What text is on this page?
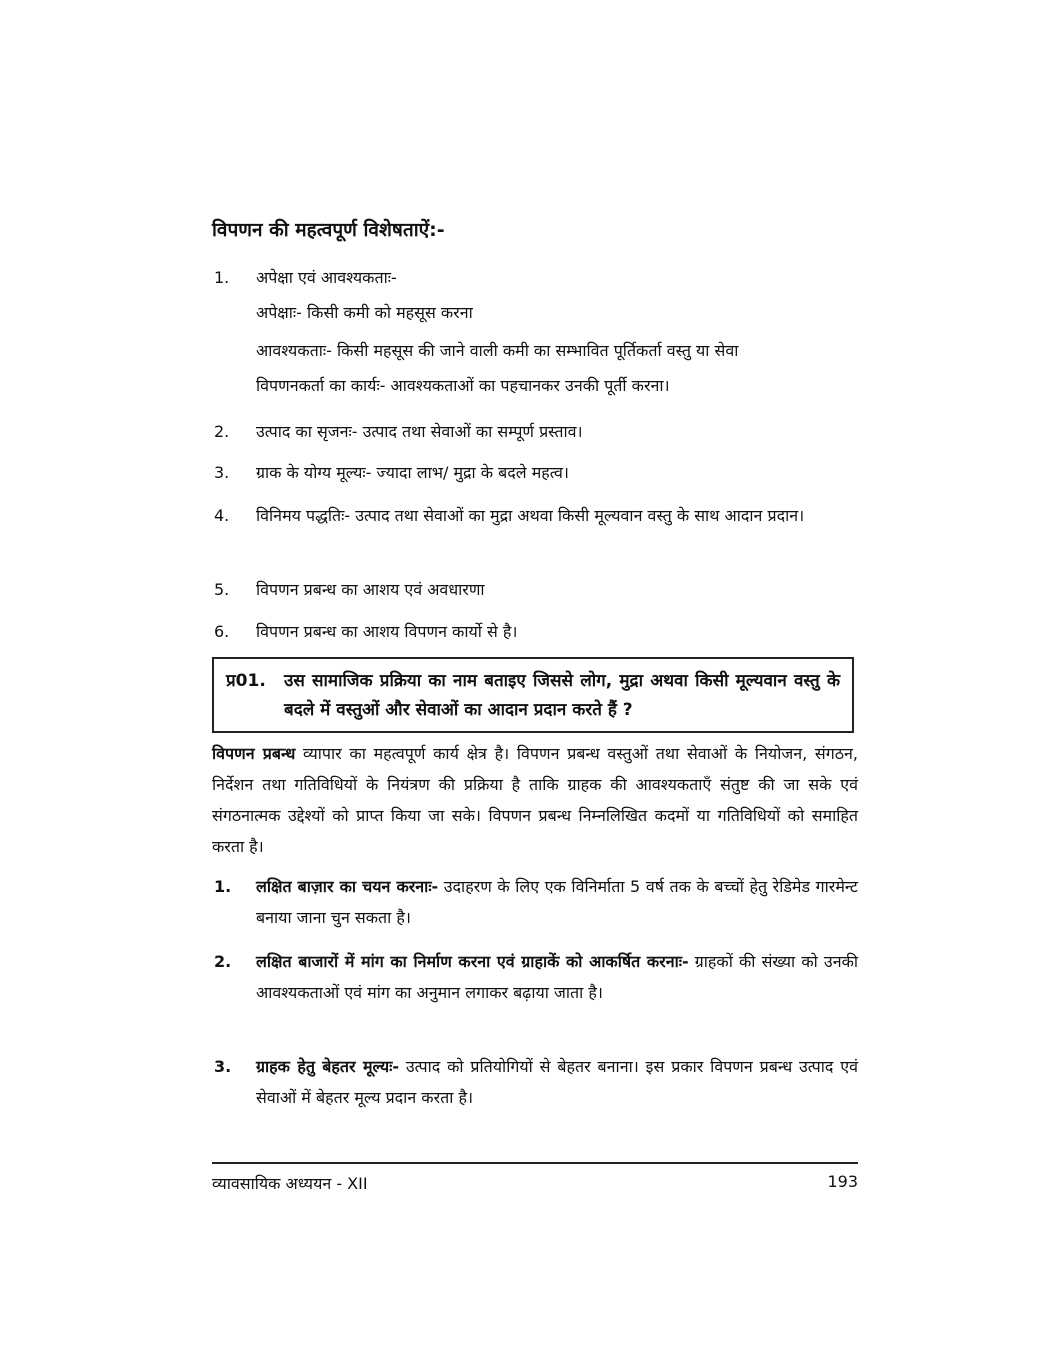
विपणन की महत्वपूर्ण विशेषताऐं:-
1.	अपेक्षा एवं आवश्यकताः-
अपेक्षाः- किसी कमी को महसूस करना
आवश्यकताः- किसी महसूस की जाने वाली कमी का सम्भावित पूर्तिकर्ता वस्तु या सेवा
विपणनकर्ता का कार्यः- आवश्यकताओं का पहचानकर उनकी पूर्ती करना।
2.	उत्पाद का सृजनः- उत्पाद तथा सेवाओं का सम्पूर्ण प्रस्ताव।
3.	ग्राक के योग्य मूल्यः- ज्यादा लाभ/ मुद्रा के बदले महत्व।
4.	विनिमय पद्धतिः- उत्पाद तथा सेवाओं का मुद्रा अथवा किसी मूल्यवान वस्तु के साथ आदान प्रदान।
5.	विपणन प्रबन्ध का आशय एवं अवधारणा
6.	विपणन प्रबन्ध का आशय विपणन कार्यो से है।
प्र01. उस सामाजिक प्रक्रिया का नाम बताइए जिससे लोग, मुद्रा अथवा किसी मूल्यवान वस्तु के बदले में वस्तुओं और सेवाओं का आदान प्रदान करते हैं ?
विपणन प्रबन्ध व्यापार का महत्वपूर्ण कार्य क्षेत्र है। विपणन प्रबन्ध वस्तुओं तथा सेवाओं के नियोजन, संगठन, निर्देशन तथा गतिविधियों के नियंत्रण की प्रक्रिया है ताकि ग्राहक की आवश्यकताएँ संतुष्ट की जा सके एवं संगठनात्मक उद्देश्यों को प्राप्त किया जा सके। विपणन प्रबन्ध निम्नलिखित कदमों या गतिविधियों को समाहित करता है।
1.	लक्षित बाज़ार का चयन करनाः- उदाहरण के लिए एक विनिर्माता 5 वर्ष तक के बच्चों हेतु रेडिमेड गारमेन्ट बनाया जाना चुन सकता है।
2.	लक्षित बाजारों में मांग का निर्माण करना एवं ग्राहाकें को आकर्षित करनाः- ग्राहकों की संख्या को उनकी आवश्यकताओं एवं मांग का अनुमान लगाकर बढ़ाया जाता है।
3.	ग्राहक हेतु बेहतर मूल्यः- उत्पाद को प्रतियोगियों से बेहतर बनाना। इस प्रकार विपणन प्रबन्ध उत्पाद एवं सेवाओं में बेहतर मूल्य प्रदान करता है।
व्यावसायिक अध्ययन - XII	193
